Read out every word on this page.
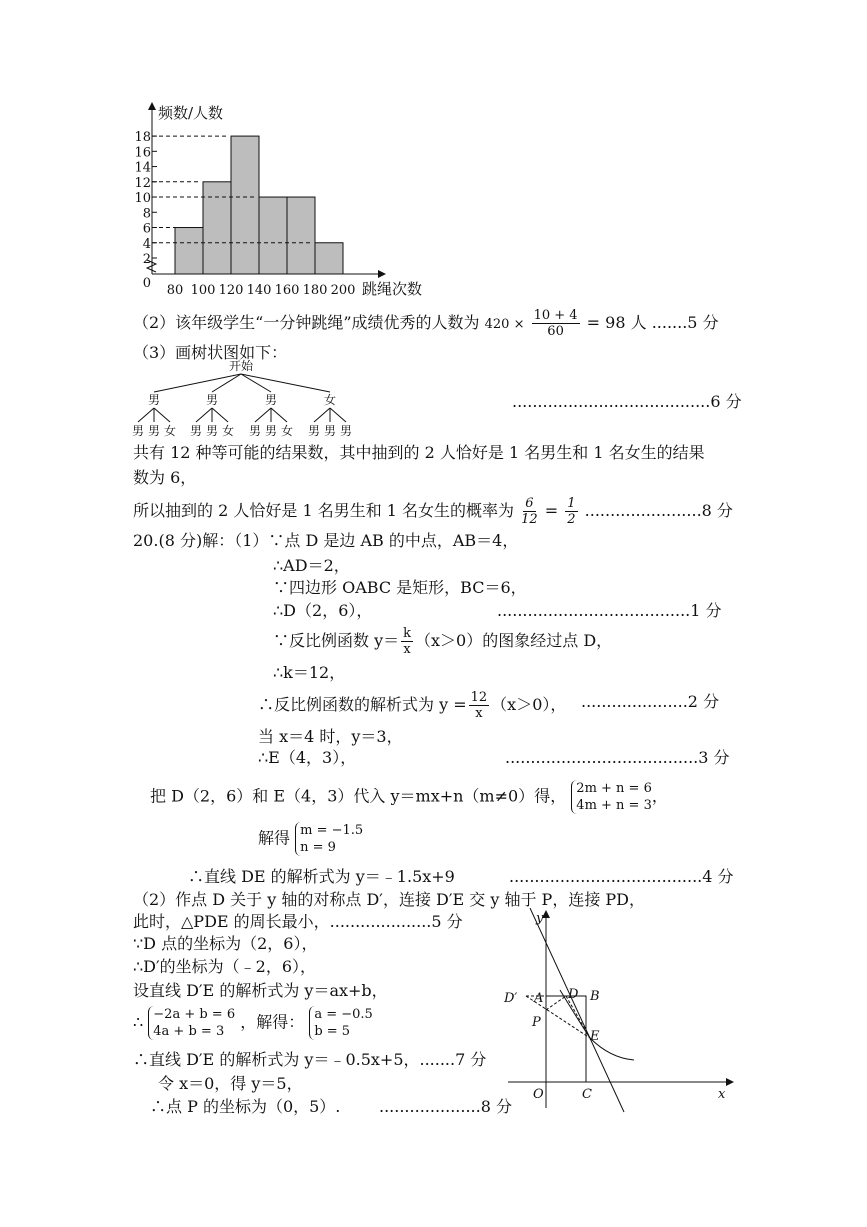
18
16
14
12
10
8
6
4
2
0 80 100 120 140 160 180 200
频数/人数
跳绳次数
（2）该年级学生“一分钟跳绳”成绩优秀的人数为 $420 \times \frac{10 + 4}{60} = 98$ 人 .......5 分
（3）画树状图如下：
开始
男	男	男	女
男 男 女 男 男 女 男 男 女 男 男 男
.......................................6 分
共有 12 种等可能的结果数，其中抽到的 2 人恰好是 1 名男生和 1 名女生的结果
数为 6，
所以抽到的 2 人恰好是 1 名男生和 1 名女生的概率为 $\frac{6}{12} = \frac{1}{2} .......................8$ 分
20.(8 分)解：（1）∵点 D 是边 AB 的中点，AB＝4，
∴AD＝2，
∵四边形 OABC 是矩形，BC＝6，
∴D（2，6），	......................................1 分
∵反比例函数 $y= \frac{k}{x} (x>0)$的图象经过点 D，
∴k＝12，
∴反比例函数的解析式为 $y = \frac{12}{x} (x>0)$， .....................2 分
当 x＝4 时，y＝3，
∴E（4，3），	......................................3 分
把 D（2，6）和 E（4，3）代入 y＝mx+n（m≠0）得， 2m + n = 6
4m + n = 3，
解得 m = −1.5
n = 9
∴直线 DE 的解析式为 y＝﹣1.5x+9	......................................4 分
（2）作点 D 关于 y 轴的对称点 D′，连接 D′E 交 y 轴于 P，连接 PD，
此时，△PDE 的周长最小，....................5 分
∵D 点的坐标为（2，6），
∴D′的坐标为（﹣2，6），
设直线 D′E 的解析式为 y＝ax+b，
∴ −2a + b = 6
4a + b = 3 ，解得： a = −0.5
b = 5
∴直线 D′E 的解析式为 y＝﹣0.5x+5，.......7 分
令 x＝0，得 y＝5，
∴点 P 的坐标为（0，5）. ....................8 分
y
x
O	C
D′ A D B
P
E
